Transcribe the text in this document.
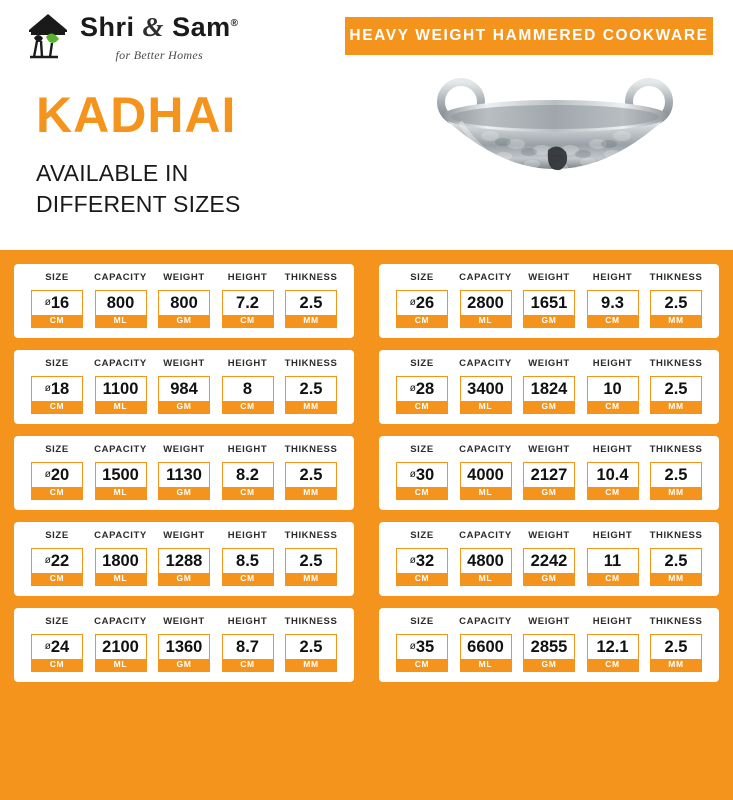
Shri & Sam®
for Better Homes
HEAVY WEIGHT HAMMERED COOKWARE
KADHAI
AVAILABLE IN
DIFFERENT SIZES
SIZE
ø16
CM
CAPACITY
800
ML
WEIGHT
800
GM
HEIGHT
7.2
CM
THIKNESS
2.5
MM
SIZE
ø26
CM
CAPACITY
2800
ML
WEIGHT
1651
GM
HEIGHT
9.3
CM
THIKNESS
2.5
MM
SIZE
ø18
CM
CAPACITY
1100
ML
WEIGHT
984
GM
HEIGHT
8
CM
THIKNESS
2.5
MM
SIZE
ø28
CM
CAPACITY
3400
ML
WEIGHT
1824
GM
HEIGHT
10
CM
THIKNESS
2.5
MM
SIZE
ø20
CM
CAPACITY
1500
ML
WEIGHT
1130
GM
HEIGHT
8.2
CM
THIKNESS
2.5
MM
SIZE
ø30
CM
CAPACITY
4000
ML
WEIGHT
2127
GM
HEIGHT
10.4
CM
THIKNESS
2.5
MM
SIZE
ø22
CM
CAPACITY
1800
ML
WEIGHT
1288
GM
HEIGHT
8.5
CM
THIKNESS
2.5
MM
SIZE
ø32
CM
CAPACITY
4800
ML
WEIGHT
2242
GM
HEIGHT
11
CM
THIKNESS
2.5
MM
SIZE
ø24
CM
CAPACITY
2100
ML
WEIGHT
1360
GM
HEIGHT
8.7
CM
THIKNESS
2.5
MM
SIZE
ø35
CM
CAPACITY
6600
ML
WEIGHT
2855
GM
HEIGHT
12.1
CM
THIKNESS
2.5
MM
